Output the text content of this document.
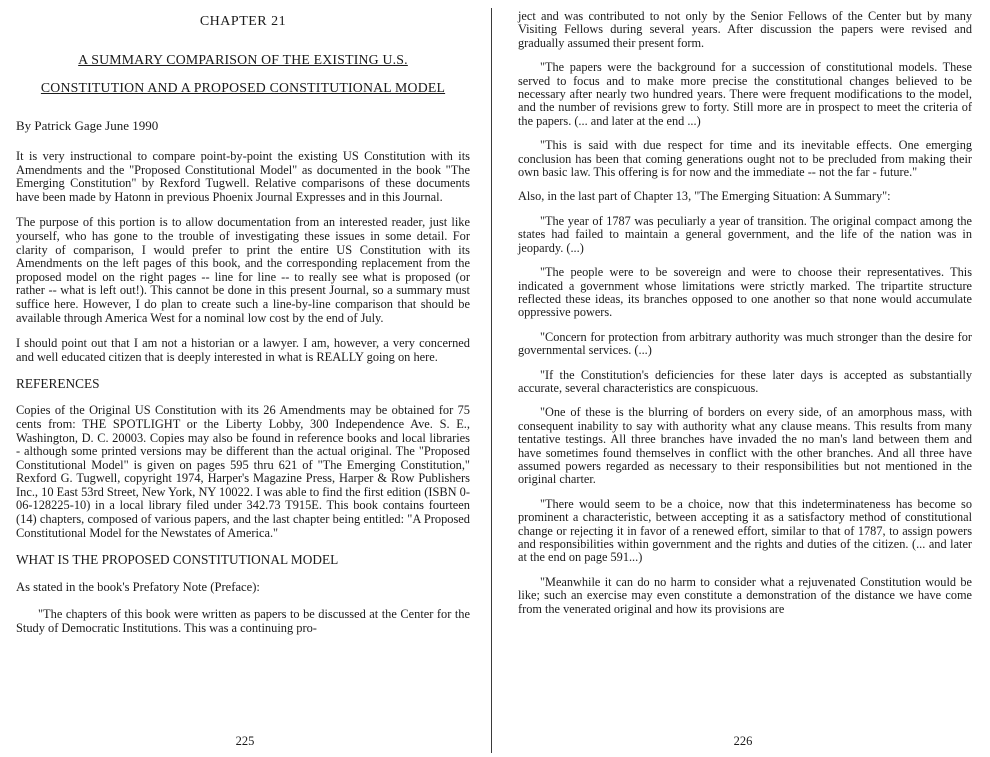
CHAPTER 21
A SUMMARY COMPARISON OF THE EXISTING U.S.
CONSTITUTION AND A PROPOSED CONSTITUTIONAL MODEL
By Patrick Gage June 1990

It is very instructional to compare point-by-point the existing US Constitution with its Amendments and the "Proposed Constitutional Model" as documented in the book "The Emerging Constitution" by Rexford Tugwell. Relative comparisons of these documents have been made by Hatonn in previous Phoenix Journal Expresses and in this Journal.

The purpose of this portion is to allow documentation from an interested reader, just like yourself, who has gone to the trouble of investigating these issues in some detail. For clarity of comparison, I would prefer to print the entire US Constitution with its Amendments on the left pages of this book, and the corresponding replacement from the proposed model on the right pages -- line for line -- to really see what is proposed (or rather -- what is left out!). This cannot be done in this present Journal, so a summary must suffice here. However, I do plan to create such a line-by-line comparison that should be available through America West for a nominal low cost by the end of July.

I should point out that I am not a historian or a lawyer. I am, however, a very concerned and well educated citizen that is deeply interested in what is REALLY going on here.

REFERENCES

Copies of the Original US Constitution with its 26 Amendments may be obtained for 75 cents from: THE SPOTLIGHT or the Liberty Lobby, 300 Independence Ave. S. E., Washington, D. C. 20003. Copies may also be found in reference books and local libraries - although some printed versions may be different than the actual original. The "Proposed Constitutional Model" is given on pages 595 thru 621 of "The Emerging Constitution," Rexford G. Tugwell, copyright 1974, Harper's Magazine Press, Harper & Row Publishers Inc., 10 East 53rd Street, New York, NY 10022. I was able to find the first edition (ISBN 0-06-128225-10) in a local library filed under 342.73 T915E. This book contains fourteen (14) chapters, composed of various papers, and the last chapter being entitled: "A Proposed Constitutional Model for the Newstates of America."

WHAT IS THE PROPOSED CONSTITUTIONAL MODEL
As stated in the book's Prefatory Note (Preface):

"The chapters of this book were written as papers to be discussed at the Center for the Study of Democratic Institutions. This was a continuing pro-

225

ject and was contributed to not only by the Senior Fellows of the Center but by many Visiting Fellows during several years. After discussion the papers were revised and gradually assumed their present form.

"The papers were the background for a succession of constitutional models. These served to focus and to make more precise the constitutional changes believed to be necessary after nearly two hundred years. There were frequent modifications to the model, and the number of revisions grew to forty. Still more are in prospect to meet the criteria of the papers. (... and later at the end ...)

"This is said with due respect for time and its inevitable effects. One emerging conclusion has been that coming generations ought not to be precluded from making their own basic law. This offering is for now and the immediate -- not the far - future."

Also, in the last part of Chapter 13, "The Emerging Situation: A Summary":

"The year of 1787 was peculiarly a year of transition. The original compact among the states had failed to maintain a general government, and the life of the nation was in jeopardy. (...)

"The people were to be sovereign and were to choose their representatives. This indicated a government whose limitations were strictly marked. The tripartite structure reflected these ideas, its branches opposed to one another so that none would accumulate oppressive powers.

"Concern for protection from arbitrary authority was much stronger than the desire for governmental services. (...)

"If the Constitution's deficiencies for these later days is accepted as substantially accurate, several characteristics are conspicuous.

"One of these is the blurring of borders on every side, of an amorphous mass, with consequent inability to say with authority what any clause means. This results from many tentative testings. All three branches have invaded the no man's land between them and have sometimes found themselves in conflict with the other branches. And all three have assumed powers regarded as necessary to their responsibilities but not mentioned in the original charter.

"There would seem to be a choice, now that this indeterminateness has become so prominent a characteristic, between accepting it as a satisfactory method of constitutional change or rejecting it in favor of a renewed effort, similar to that of 1787, to assign powers and responsibilities within government and the rights and duties of the citizen. (... and later at the end on page 591...)

"Meanwhile it can do no harm to consider what a rejuvenated Constitution would be like; such an exercise may even constitute a demonstration of the distance we have come from the venerated original and how its provisions are

226
